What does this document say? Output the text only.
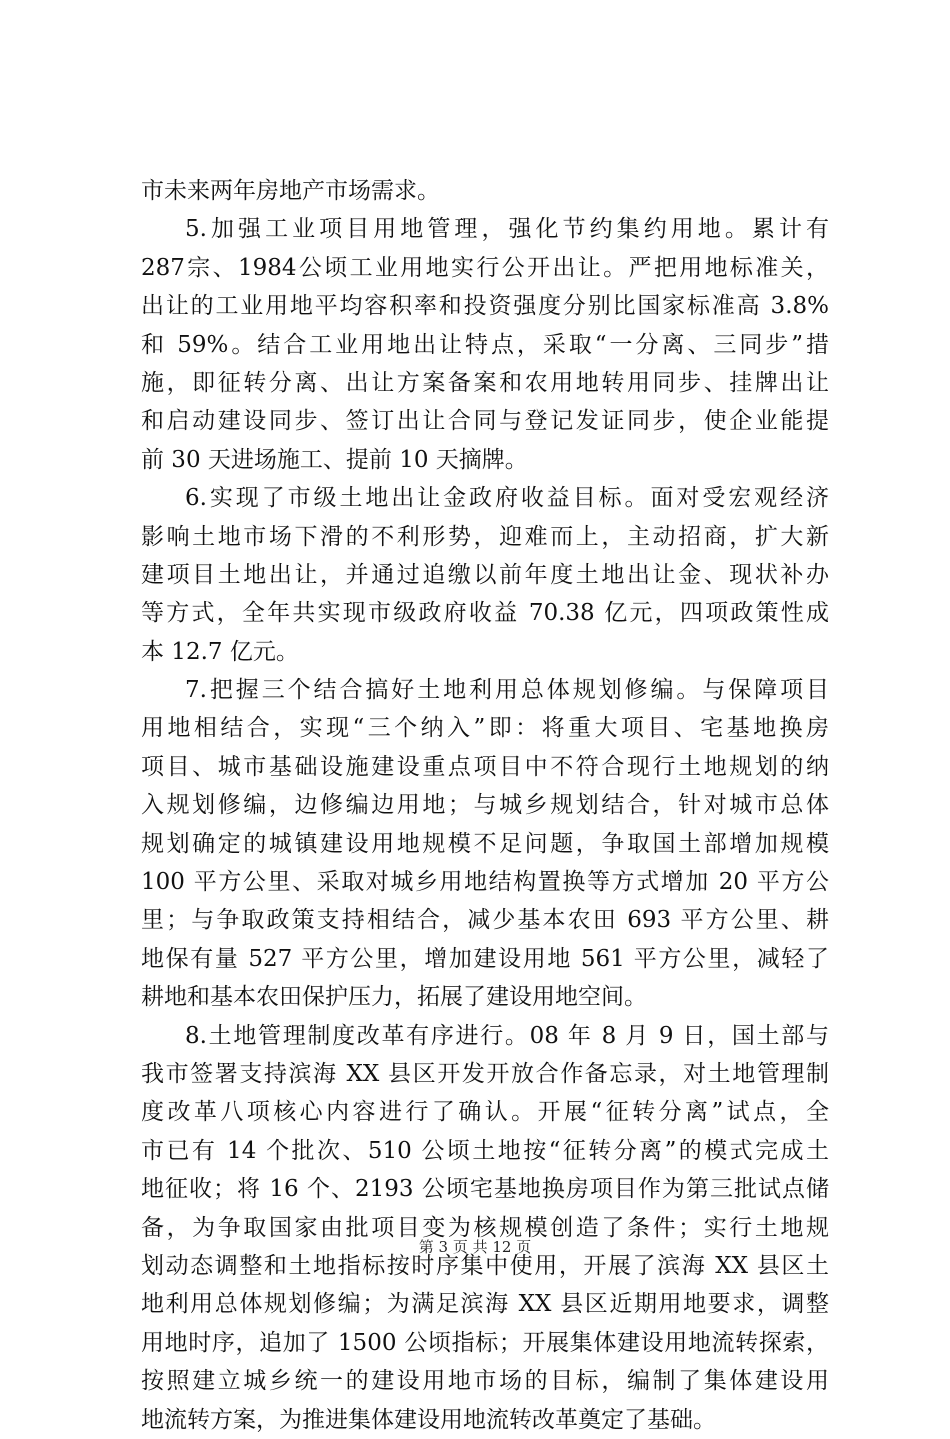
市未来两年房地产市场需求。
5.加强工业项目用地管理，强化节约集约用地。累计有
287宗、1984公顷工业用地实行公开出让。严把用地标准关，
出让的工业用地平均容积率和投资强度分别比国家标准高 3.8%
和 59%。结合工业用地出让特点，采取“一分离、三同步”措
施，即征转分离、出让方案备案和农用地转用同步、挂牌出让
和启动建设同步、签订出让合同与登记发证同步，使企业能提
前 30 天进场施工、提前 10 天摘牌。
6.实现了市级土地出让金政府收益目标。面对受宏观经济
影响土地市场下滑的不利形势，迎难而上，主动招商，扩大新
建项目土地出让，并通过追缴以前年度土地出让金、现状补办
等方式，全年共实现市级政府收益 70.38 亿元，四项政策性成
本 12.7 亿元。
7.把握三个结合搞好土地利用总体规划修编。与保障项目
用地相结合，实现“三个纳入”即：将重大项目、宅基地换房
项目、城市基础设施建设重点项目中不符合现行土地规划的纳
入规划修编，边修编边用地；与城乡规划结合，针对城市总体
规划确定的城镇建设用地规模不足问题，争取国土部增加规模
100 平方公里、采取对城乡用地结构置换等方式增加 20 平方公
里；与争取政策支持相结合，减少基本农田 693 平方公里、耕
地保有量 527 平方公里，增加建设用地 561 平方公里，减轻了
耕地和基本农田保护压力，拓展了建设用地空间。
8.土地管理制度改革有序进行。08 年 8 月 9 日，国土部与
我市签署支持滨海 XX 县区开发开放合作备忘录，对土地管理制
度改革八项核心内容进行了确认。开展“征转分离”试点，全
市已有 14 个批次、510 公顷土地按“征转分离”的模式完成土
地征收；将 16 个、2193 公顷宅基地换房项目作为第三批试点储
备，为争取国家由批项目变为核规模创造了条件；实行土地规
划动态调整和土地指标按时序集中使用，开展了滨海 XX 县区土
地利用总体规划修编；为满足滨海 XX 县区近期用地要求，调整
用地时序，追加了 1500 公顷指标；开展集体建设用地流转探索，
按照建立城乡统一的建设用地市场的目标，编制了集体建设用
地流转方案，为推进集体建设用地流转改革奠定了基础。
第 3 页 共 12 页
